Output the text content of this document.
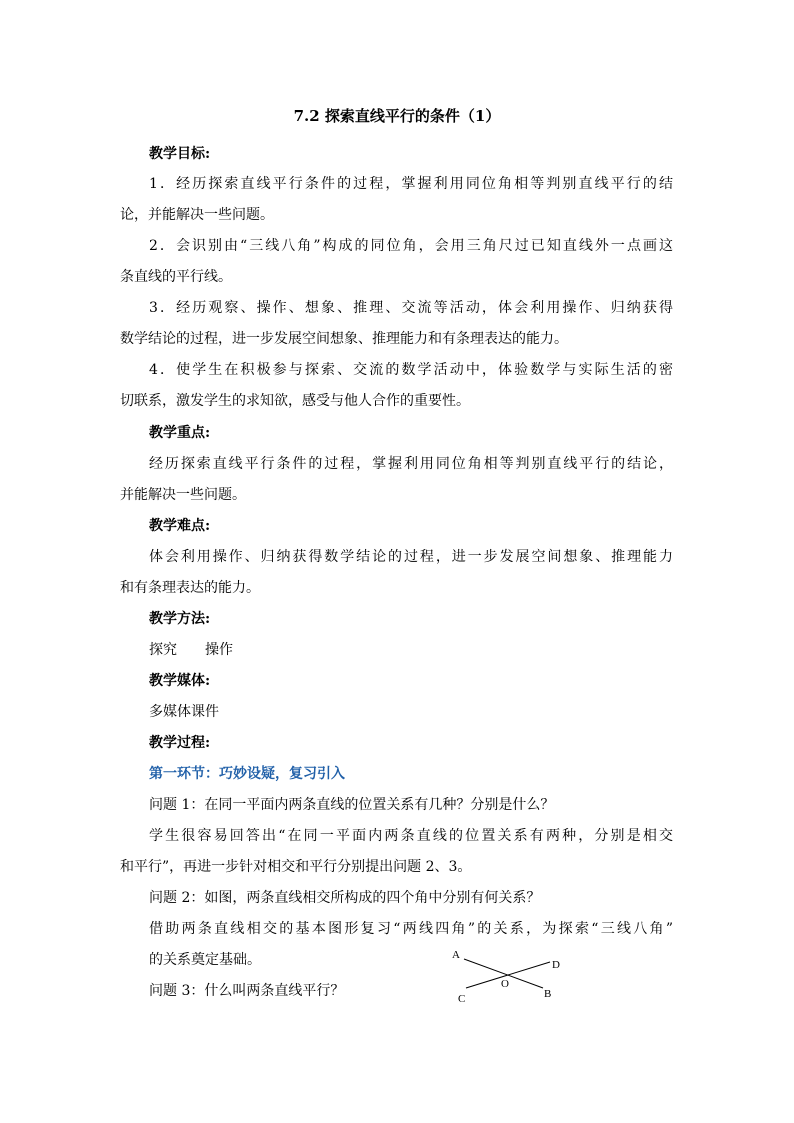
7.2 探索直线平行的条件（1）
教学目标:
1．经历探索直线平行条件的过程，掌握利用同位角相等判别直线平行的结
论，并能解决一些问题。
2．会识别由“三线八角”构成的同位角，会用三角尺过已知直线外一点画这
条直线的平行线。
3．经历观察、操作、想象、推理、交流等活动，体会利用操作、归纳获得
数学结论的过程，进一步发展空间想象、推理能力和有条理表达的能力。
4．使学生在积极参与探索、交流的数学活动中，体验数学与实际生活的密
切联系，激发学生的求知欲，感受与他人合作的重要性。
教学重点:
经历探索直线平行条件的过程，掌握利用同位角相等判别直线平行的结论，
并能解决一些问题。
教学难点:
体会利用操作、归纳获得数学结论的过程，进一步发展空间想象、推理能力
和有条理表达的能力。
教学方法:
探究 操作
教学媒体:
多媒体课件
教学过程:
第一环节：巧妙设疑，复习引入
问题 1：在同一平面内两条直线的位置关系有几种？分别是什么？
学生很容易回答出“在同一平面内两条直线的位置关系有两种，分别是相交
和平行”，再进一步针对相交和平行分别提出问题 2、3。
问题 2：如图，两条直线相交所构成的四个角中分别有何关系？
借助两条直线相交的基本图形复习“两线四角”的关系，为探索“三线八角”
的关系奠定基础。
问题 3：什么叫两条直线平行？
A
B
C
D
O
